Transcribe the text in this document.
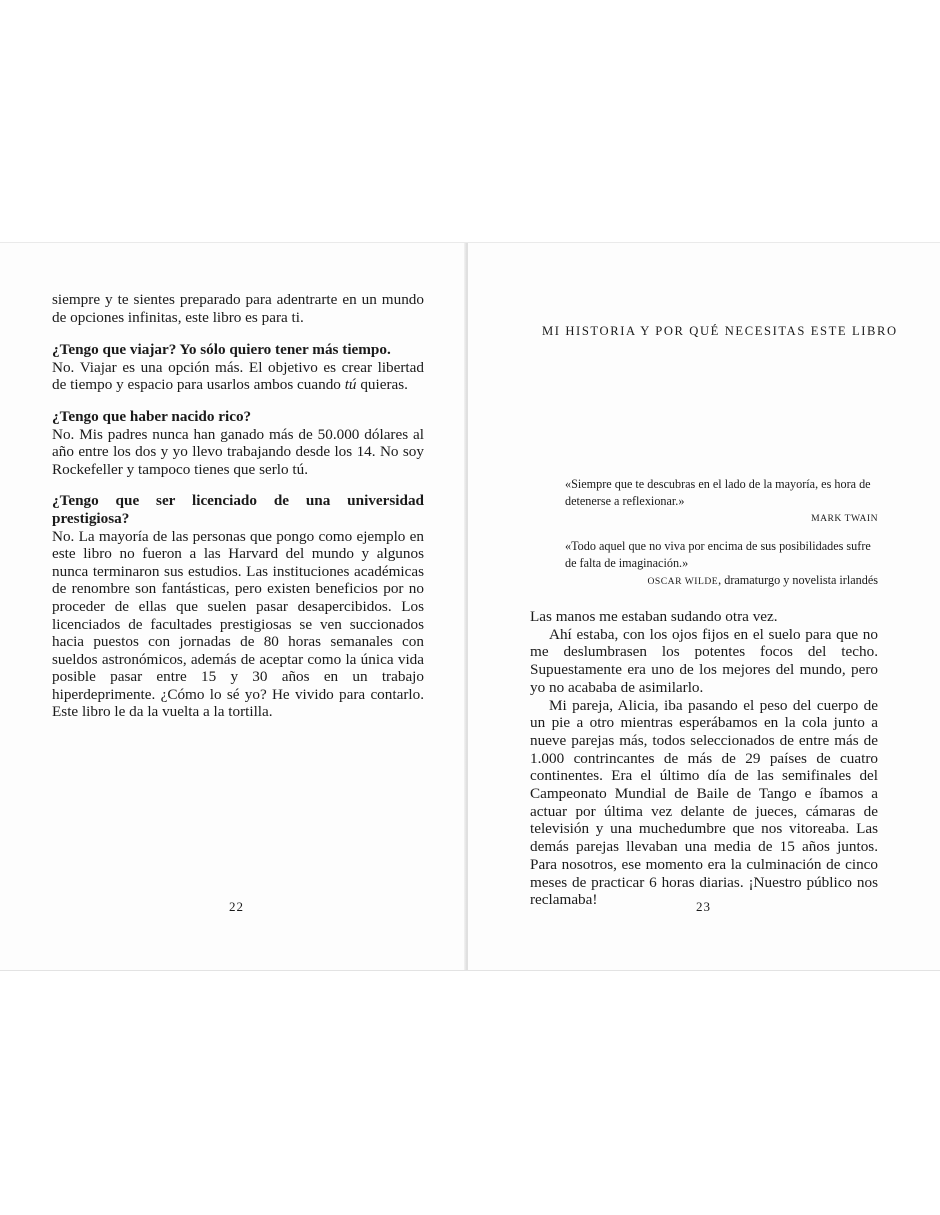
siempre y te sientes preparado para adentrarte en un mundo de opciones infinitas, este libro es para ti.

¿Tengo que viajar? Yo sólo quiero tener más tiempo.

No. Viajar es una opción más. El objetivo es crear libertad de tiempo y espacio para usarlos ambos cuando tú quieras.

¿Tengo que haber nacido rico?

No. Mis padres nunca han ganado más de 50.000 dólares al año entre los dos y yo llevo trabajando desde los 14. No soy Rockefeller y tampoco tienes que serlo tú.

¿Tengo que ser licenciado de una universidad prestigiosa?

No. La mayoría de las personas que pongo como ejemplo en este libro no fueron a las Harvard del mundo y algunos nunca terminaron sus estudios. Las instituciones académicas de renombre son fantásticas, pero existen beneficios por no proceder de ellas que suelen pasar desapercibidos. Los licenciados de facultades prestigiosas se ven succionados hacia puestos con jornadas de 80 horas semanales con sueldos astronómicos, además de aceptar como la única vida posible pasar entre 15 y 30 años en un trabajo hiperdeprimente. ¿Cómo lo sé yo? He vivido para contarlo. Este libro le da la vuelta a la tortilla.

22
MI HISTORIA Y POR QUÉ NECESITAS ESTE LIBRO
«Siempre que te descubras en el lado de la mayoría, es hora de detenerse a reflexionar.»
MARK TWAIN
«Todo aquel que no viva por encima de sus posibilidades sufre de falta de imaginación.»
OSCAR WILDE, dramaturgo y novelista irlandés

Las manos me estaban sudando otra vez.

Ahí estaba, con los ojos fijos en el suelo para que no me deslumbrasen los potentes focos del techo. Supuestamente era uno de los mejores del mundo, pero yo no acababa de asimilarlo.

Mi pareja, Alicia, iba pasando el peso del cuerpo de un pie a otro mientras esperábamos en la cola junto a nueve parejas más, todos seleccionados de entre más de 1.000 contrincantes de más de 29 países de cuatro continentes. Era el último día de las semifinales del Campeonato Mundial de Baile de Tango e íbamos a actuar por última vez delante de jueces, cámaras de televisión y una muchedumbre que nos vitoreaba. Las demás parejas llevaban una media de 15 años juntos. Para nosotros, ese momento era la culminación de cinco meses de practicar 6 horas diarias. ¡Nuestro público nos reclamaba!	23
